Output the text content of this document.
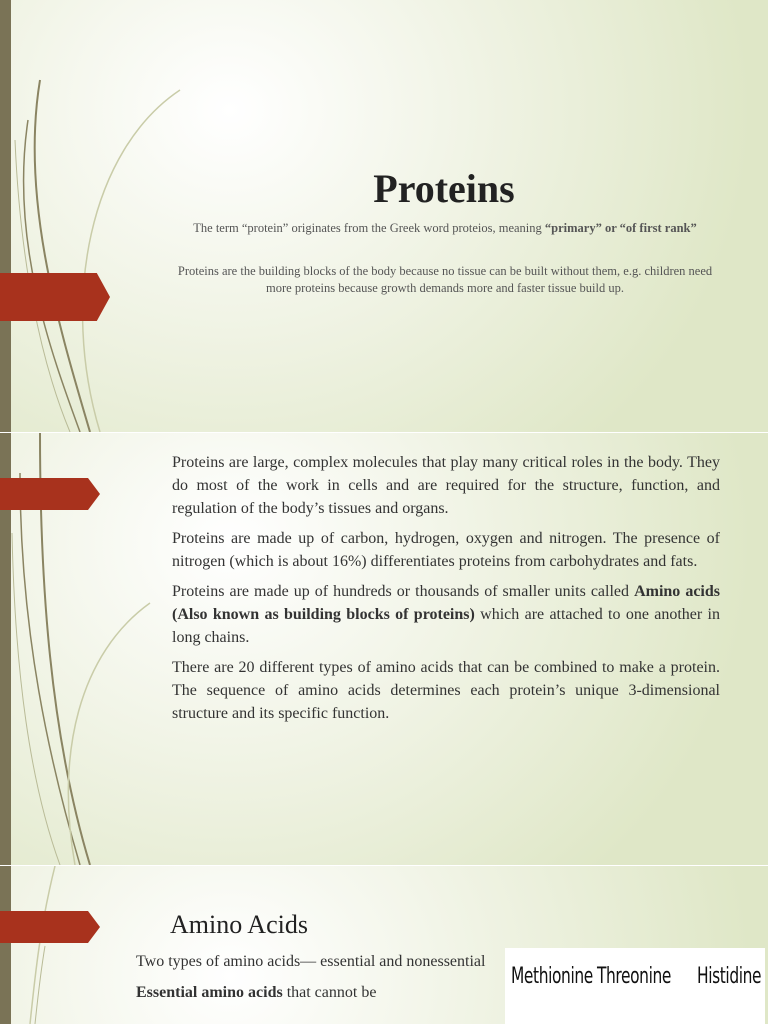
Proteins
The term “protein” originates from the Greek word proteios, meaning “primary” or “of first rank”
Proteins are the building blocks of the body because no tissue can be built without them, e.g. children need more proteins because growth demands more and faster tissue build up.
Proteins are large, complex molecules that play many critical roles in the body. They do most of the work in cells and are required for the structure, function, and regulation of the body’s tissues and organs.
Proteins are made up of carbon, hydrogen, oxygen and nitrogen. The presence of nitrogen (which is about 16%) differentiates proteins from carbohydrates and fats.
Proteins are made up of hundreds or thousands of smaller units called Amino acids (Also known as building blocks of proteins) which are attached to one another in long chains.
There are 20 different types of amino acids that can be combined to make a protein. The sequence of amino acids determines each protein’s unique 3-dimensional structure and its specific function.
Amino Acids
Two types of amino acids— essential and nonessential
Essential amino acids that cannot be
Methionine Threonine Histidine
